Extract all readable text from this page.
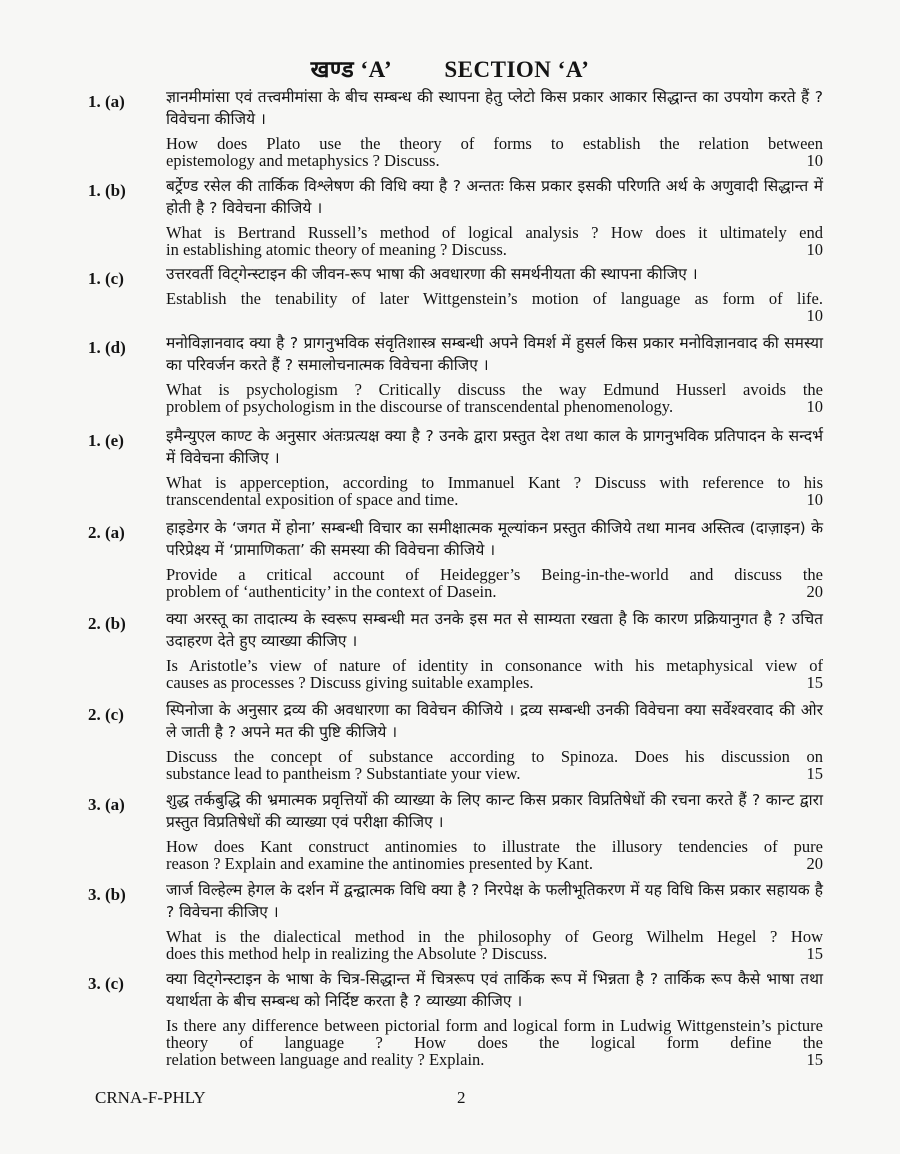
खण्ड ‘A’ SECTION ‘A’
1. (a)	ज्ञानमीमांसा एवं तत्त्वमीमांसा के बीच सम्बन्ध की स्थापना हेतु प्लेटो किस प्रकार आकार सिद्धान्त का उपयोग करते हैं ? विवेचना कीजिये ।
How does Plato use the theory of forms to establish the relation between
epistemology and metaphysics ? Discuss.	10
1. (b)	बर्ट्रेण्ड रसेल की तार्किक विश्लेषण की विधि क्या है ? अन्ततः किस प्रकार इसकी परिणति अर्थ के अणुवादी सिद्धान्त में होती है ? विवेचना कीजिये ।
What is Bertrand Russell’s method of logical analysis ? How does it ultimately end
in establishing atomic theory of meaning ? Discuss.	10
1. (c)	उत्तरवर्ती विट्गेन्स्टाइन की जीवन-रूप भाषा की अवधारणा की समर्थनीयता की स्थापना कीजिए ।
Establish the tenability of later Wittgenstein’s motion of language as form of life.
10
1. (d)	मनोविज्ञानवाद क्या है ? प्रागनुभविक संवृतिशास्त्र सम्बन्धी अपने विमर्श में हुसर्ल किस प्रकार मनोविज्ञानवाद की समस्या का परिवर्जन करते हैं ? समालोचनात्मक विवेचना कीजिए ।
What is psychologism ? Critically discuss the way Edmund Husserl avoids the
problem of psychologism in the discourse of transcendental phenomenology.	10
1. (e)	इमैन्युएल काण्ट के अनुसार अंतःप्रत्यक्ष क्या है ? उनके द्वारा प्रस्तुत देश तथा काल के प्रागनुभविक प्रतिपादन के सन्दर्भ में विवेचना कीजिए ।
What is apperception, according to Immanuel Kant ? Discuss with reference to his
transcendental exposition of space and time.	10
2. (a)	हाइडेगर के ‘जगत में होना’ सम्बन्धी विचार का समीक्षात्मक मूल्यांकन प्रस्तुत कीजिये तथा मानव अस्तित्व (दाज़ाइन) के परिप्रेक्ष्य में ‘प्रामाणिकता’ की समस्या की विवेचना कीजिये ।
Provide a critical account of Heidegger’s Being-in-the-world and discuss the
problem of ‘authenticity’ in the context of Dasein.	20
2. (b)	क्या अरस्तू का तादात्म्य के स्वरूप सम्बन्धी मत उनके इस मत से साम्यता रखता है कि कारण प्रक्रियानुगत है ? उचित उदाहरण देते हुए व्याख्या कीजिए ।
Is Aristotle’s view of nature of identity in consonance with his metaphysical view of
causes as processes ? Discuss giving suitable examples.	15
2. (c)	स्पिनोजा के अनुसार द्रव्य की अवधारणा का विवेचन कीजिये । द्रव्य सम्बन्धी उनकी विवेचना क्या सर्वेश्वरवाद की ओर ले जाती है ? अपने मत की पुष्टि कीजिये ।
Discuss the concept of substance according to Spinoza. Does his discussion on
substance lead to pantheism ? Substantiate your view.	15
3. (a)	शुद्ध तर्कबुद्धि की भ्रमात्मक प्रवृत्तियों की व्याख्या के लिए कान्ट किस प्रकार विप्रतिषेधों की रचना करते हैं ? कान्ट द्वारा प्रस्तुत विप्रतिषेधों की व्याख्या एवं परीक्षा कीजिए ।
How does Kant construct antinomies to illustrate the illusory tendencies of pure
reason ? Explain and examine the antinomies presented by Kant.	20
3. (b)	जार्ज विल्हेल्म हेगल के दर्शन में द्वन्द्वात्मक विधि क्या है ? निरपेक्ष के फलीभूतिकरण में यह विधि किस प्रकार सहायक है ? विवेचना कीजिए ।
What is the dialectical method in the philosophy of Georg Wilhelm Hegel ? How
does this method help in realizing the Absolute ? Discuss.	15
3. (c)	क्या विट्गेन्स्टाइन के भाषा के चित्र-सिद्धान्त में चित्ररूप एवं तार्किक रूप में भिन्नता है ? तार्किक रूप कैसे भाषा तथा यथार्थता के बीच सम्बन्ध को निर्दिष्ट करता है ? व्याख्या कीजिए ।
Is there any difference between pictorial form and logical form in Ludwig Wittgenstein’s picture theory of language ? How does the logical form define the
relation between language and reality ? Explain.	15
CRNA-F-PHLY	2
